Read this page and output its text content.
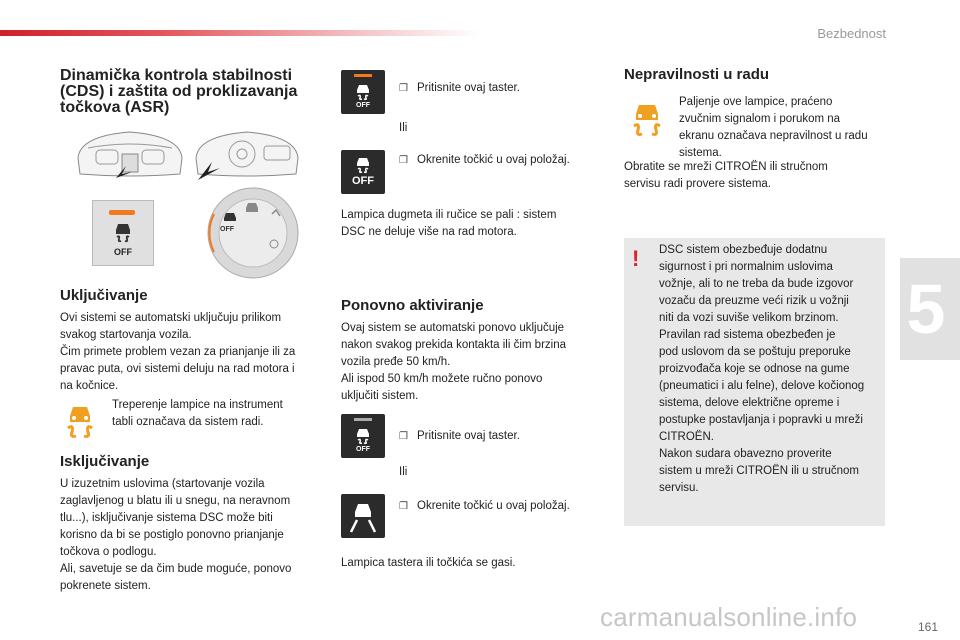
Bezbednost
5
Dinamička kontrola stabilnosti
(CDS) i zaštita od proklizavanja
točkova (ASR)
OFF
OFF
Uključivanje

Ovi sistemi se automatski uključuju prilikom
svakog startovanja vozila.
Čim primete problem vezan za prianjanje ili za
pravac puta, ovi sistemi deluju na rad motora i
na kočnice.

Treperenje lampice na instrument
tabli označava da sistem radi.

Isključivanje

U izuzetnim uslovima (startovanje vozila
zaglavljenog u blatu ili u snegu, na neravnom
tlu...), isključivanje sistema DSC može biti
korisno da bi se postiglo ponovno prianjanje
točkova o podlogu.
Ali, savetuje se da čim bude moguće, ponovo
pokrenete sistem.

OFF
❐ Pritisnite ovaj taster.
Ili
OFF
❐ Okrenite točkić u ovaj položaj.

Lampica dugmeta ili ručice se pali : sistem
DSC ne deluje više na rad motora.

Ponovno aktiviranje

Ovaj sistem se automatski ponovo uključuje
nakon svakog prekida kontakta ili čim brzina
vozila pređe 50 km/h.
Ali ispod 50 km/h možete ručno ponovo
uključiti sistem.

OFF
❐ Pritisnite ovaj taster.
Ili
❐ Okrenite točkić u ovaj položaj.

Lampica tastera ili točkića se gasi.

Nepravilnosti u radu

Paljenje ove lampice, praćeno
zvučnim signalom i porukom na
ekranu označava nepravilnost u radu
sistema.

Obratite se mreži CITROËN ili stručnom
servisu radi provere sistema.

! DSC sistem obezbeđuje dodatnu
sigurnost i pri normalnim uslovima
vožnje, ali to ne treba da bude izgovor
vozaču da preuzme veći rizik u vožnji
niti da vozi suviše velikom brzinom.
Pravilan rad sistema obezbeđen je
pod uslovom da se poštuju preporuke
proizvođača koje se odnose na gume
(pneumatici i alu felne), delove kočionog
sistema, delove električne opreme i
postupke postavljanja i popravki u mreži
CITROËN.
Nakon sudara obavezno proverite
sistem u mreži CITROËN ili u stručnom
servisu.

carmanualsonline.info	161
